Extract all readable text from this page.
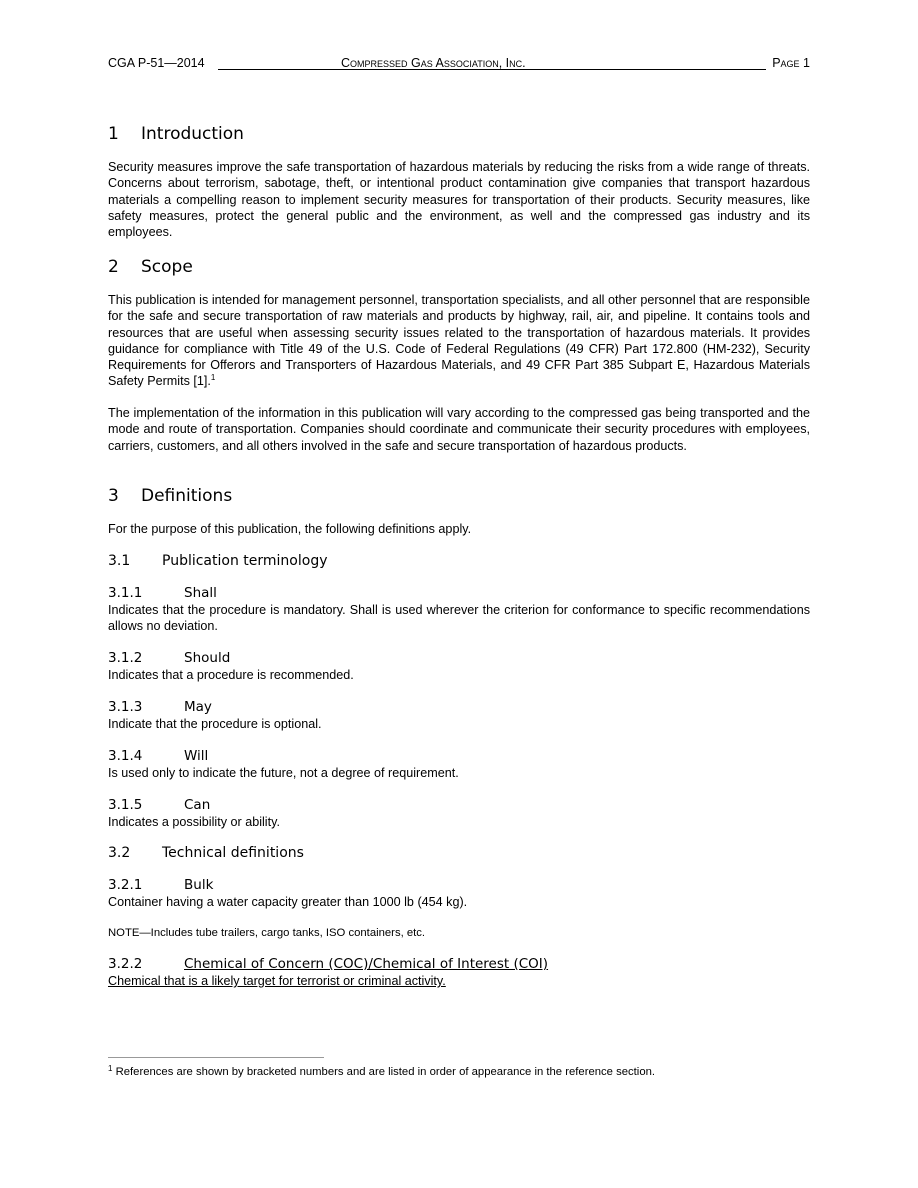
CGA P-51—2014	Compressed Gas Association, Inc.	Page 1
1 Introduction
Security measures improve the safe transportation of hazardous materials by reducing the risks from a wide range of threats. Concerns about terrorism, sabotage, theft, or intentional product contamination give companies that transport hazardous materials a compelling reason to implement security measures for transportation of their products. Security measures, like safety measures, protect the general public and the environment, as well and the compressed gas industry and its employees.
2 Scope
This publication is intended for management personnel, transportation specialists, and all other personnel that are responsible for the safe and secure transportation of raw materials and products by highway, rail, air, and pipeline. It contains tools and resources that are useful when assessing security issues related to the transportation of hazardous materials. It provides guidance for compliance with Title 49 of the U.S. Code of Federal Regulations (49 CFR) Part 172.800 (HM-232), Security Requirements for Offerors and Transporters of Hazardous Materials, and 49 CFR Part 385 Subpart E, Hazardous Materials Safety Permits [1].$^1$
The implementation of the information in this publication will vary according to the compressed gas being transported and the mode and route of transportation. Companies should coordinate and communicate their security procedures with employees, carriers, customers, and all others involved in the safe and secure transportation of hazardous products.
3 Definitions
For the purpose of this publication, the following definitions apply.
3.1 Publication terminology
3.1.1	Shall
Indicates that the procedure is mandatory. Shall is used wherever the criterion for conformance to specific recommendations allows no deviation.
3.1.2	Should
Indicates that a procedure is recommended.
3.1.3	May
Indicate that the procedure is optional.
3.1.4	Will
Is used only to indicate the future, not a degree of requirement.
3.1.5	Can
Indicates a possibility or ability.
3.2 Technical definitions
3.2.1	Bulk
Container having a water capacity greater than 1000 lb (454 kg).
NOTE—Includes tube trailers, cargo tanks, ISO containers, etc.
3.2.2	Chemical of Concern (COC)/Chemical of Interest (COI)
Chemical that is a likely target for terrorist or criminal activity.
$^1$ References are shown by bracketed numbers and are listed in order of appearance in the reference section.
